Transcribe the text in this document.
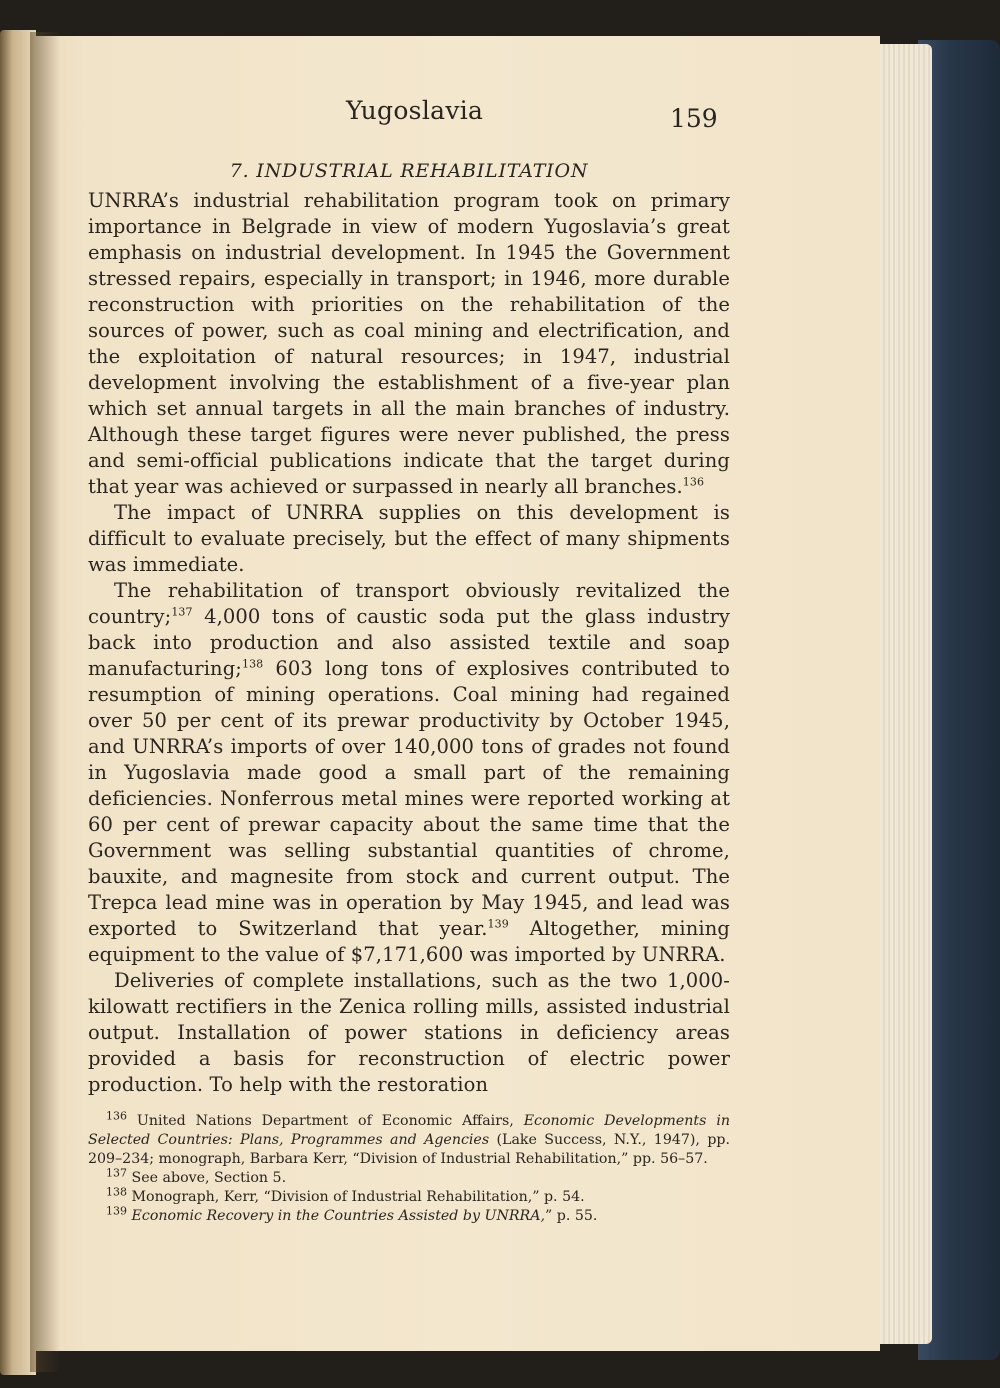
Yugoslavia	159
7. INDUSTRIAL REHABILITATION

UNRRA’s industrial rehabilitation program took on primary importance in Belgrade in view of modern Yugoslavia’s great emphasis on industrial development. In 1945 the Government stressed repairs, especially in transport; in 1946, more durable reconstruction with priorities on the rehabilitation of the sources of power, such as coal mining and electrification, and the exploitation of natural resources; in 1947, industrial development involving the establishment of a five-year plan which set annual targets in all the main branches of industry. Although these target figures were never published, the press and semi-official publications indicate that the target during that year was achieved or surpassed in nearly all branches.$^{136}$

The impact of UNRRA supplies on this development is difficult to evaluate precisely, but the effect of many shipments was immediate.

The rehabilitation of transport obviously revitalized the country;$^{137}$ 4,000 tons of caustic soda put the glass industry back into production and also assisted textile and soap manufacturing;$^{138}$ 603 long tons of explosives contributed to resumption of mining operations. Coal mining had regained over 50 per cent of its prewar productivity by October 1945, and UNRRA’s imports of over 140,000 tons of grades not found in Yugoslavia made good a small part of the remaining deficiencies. Nonferrous metal mines were reported working at 60 per cent of prewar capacity about the same time that the Government was selling substantial quantities of chrome, bauxite, and magnesite from stock and current output. The Trepca lead mine was in operation by May 1945, and lead was exported to Switzerland that year.$^{139}$ Altogether, mining equipment to the value of $7,171,600 was imported by UNRRA.

Deliveries of complete installations, such as the two 1,000-kilowatt rectifiers in the Zenica rolling mills, assisted industrial output. Installation of power stations in deficiency areas provided a basis for reconstruction of electric power production. To help with the restoration

$^{136}$ United Nations Department of Economic Affairs, Economic Developments in Selected Countries: Plans, Programmes and Agencies (Lake Success, N.Y., 1947), pp. 209–234; monograph, Barbara Kerr, “Division of Industrial Rehabilitation,” pp. 56–57.

$^{137}$ See above, Section 5.

$^{138}$ Monograph, Kerr, “Division of Industrial Rehabilitation,” p. 54.

$^{139}$ Economic Recovery in the Countries Assisted by UNRRA,” p. 55.
